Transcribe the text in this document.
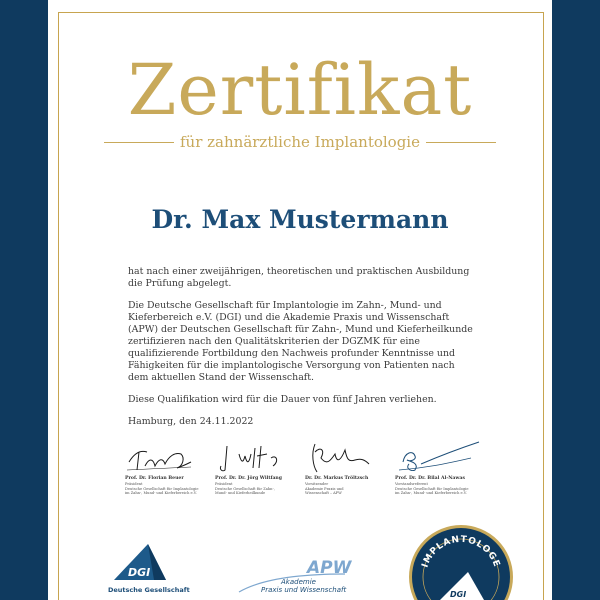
Zertifikat
für zahnärztliche Implantologie
Dr. Max Mustermann

hat nach einer zweijährigen, theoretischen und praktischen Ausbildung die Prüfung abgelegt.

Die Deutsche Gesellschaft für Implantologie im Zahn-, Mund- und Kieferbereich e.V. (DGI) und die Akademie Praxis und Wissenschaft (APW) der Deutschen Gesellschaft für Zahn-, Mund und Kieferheilkunde zertifizieren nach den Qualitätskriterien der DGZMK für eine qualifizierende Fortbildung den Nachweis profunder Kenntnisse und Fähigkeiten für die implantologische Versorgung von Patienten nach dem aktuellen Stand der Wissenschaft.

Diese Qualifikation wird für die Dauer von fünf Jahren verliehen.

Hamburg, den 24.11.2022

Prof. Dr. Florian Beuer
Präsident
Deutsche Gesellschaft für Implantologie
im Zahn-, Mund- und Kieferbereich e.V.
Prof. Dr. Dr. Jörg Wiltfang
Präsident
Deutsche Gesellschaft für Zahn-,
Mund- und Kieferheilkunde
Dr. Dr. Markus Tröltzsch
Vorsitzender
Akademie Praxis und
Wissenschaft – APW
Prof. Dr. Dr. Bilal Al-Nawas
Vorstandsreferent
Deutsche Gesellschaft für Implantologie
im Zahn-, Mund- und Kieferbereich e.V.
DGI
Deutsche Gesellschaft
APW
Akademie
Praxis und Wissenschaft
IMPLANTOLOGE
DGI
